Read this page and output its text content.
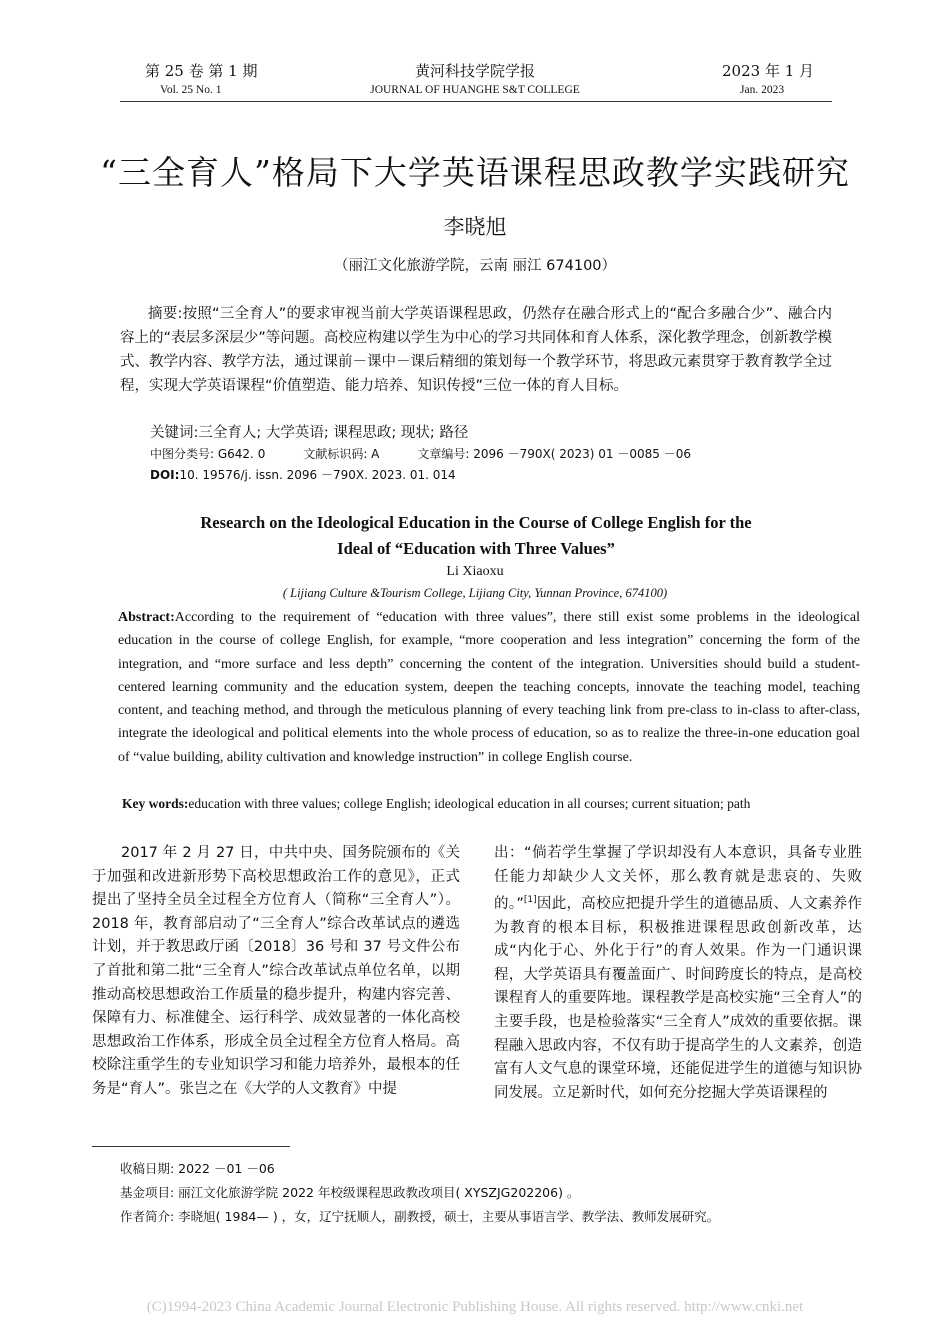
第 25 卷 第 1 期
Vol. 25 No. 1
黄河科技学院学报
JOURNAL OF HUANGHE S&T COLLEGE
2023 年 1 月
Jan. 2023
“三全育人”格局下大学英语课程思政教学实践研究
李晓旭
（丽江文化旅游学院，云南 丽江 674100）
摘要:按照“三全育人”的要求审视当前大学英语课程思政，仍然存在融合形式上的“配合多融合少”、融合内容上的“表层多深层少”等问题。高校应构建以学生为中心的学习共同体和育人体系，深化教学理念，创新教学模式、教学内容、教学方法，通过课前－课中－课后精细的策划每一个教学环节，将思政元素贯穿于教育教学全过程，实现大学英语课程“价值塑造、能力培养、知识传授”三位一体的育人目标。
关键词:三全育人; 大学英语; 课程思政; 现状; 路径
中图分类号: G642. 0	文献标识码: A	文章编号: 2096 －790X( 2023) 01 －0085 －06
DOI:10. 19576/j. issn. 2096 －790X. 2023. 01. 014
Research on the Ideological Education in the Course of College English for the
Ideal of “Education with Three Values”
Li Xiaoxu
( Lijiang Culture &Tourism College, Lijiang City, Yunnan Province, 674100)
Abstract:According to the requirement of “education with three values”, there still exist some problems in the ideological education in the course of college English, for example, “more cooperation and less integration” concerning the form of the integration, and “more surface and less depth” concerning the content of the integration. Universities should build a student-centered learning community and the education system, deepen the teaching concepts, innovate the teaching model, teaching content, and teaching method, and through the meticulous planning of every teaching link from pre-class to in-class to after-class, integrate the ideological and political elements into the whole process of education, so as to realize the three-in-one education goal of “value building, ability cultivation and knowledge instruction” in college English course.
Key words:education with three values; college English; ideological education in all courses; current situation; path
2017 年 2 月 27 日，中共中央、国务院颁布的《关于加强和改进新形势下高校思想政治工作的意见》，正式提出了坚持全员全过程全方位育人（简称“三全育人”）。2018 年，教育部启动了“三全育人”综合改革试点的遴选计划，并于教思政厅函〔2018〕36 号和 37 号文件公布了首批和第二批“三全育人”综合改革试点单位名单，以期推动高校思想政治工作质量的稳步提升，构建内容完善、保障有力、标准健全、运行科学、成效显著的一体化高校思想政治工作体系，形成全员全过程全方位育人格局。高校除注重学生的专业知识学习和能力培养外，最根本的任务是“育人”。张岂之在《大学的人文教育》中提
出：“倘若学生掌握了学识却没有人本意识，具备专业胜任能力却缺少人文关怀，那么教育就是悲哀的、失败的。”[1]因此，高校应把提升学生的道德品质、人文素养作为教育的根本目标，积极推进课程思政创新改革，达成“内化于心、外化于行”的育人效果。作为一门通识课程，大学英语具有覆盖面广、时间跨度长的特点，是高校课程育人的重要阵地。课程教学是高校实施“三全育人”的主要手段，也是检验落实“三全育人”成效的重要依据。课程融入思政内容，不仅有助于提高学生的人文素养，创造富有人文气息的课堂环境，还能促进学生的道德与知识协同发展。立足新时代，如何充分挖掘大学英语课程的
收稿日期: 2022 －01 －06
基金项目: 丽江文化旅游学院 2022 年校级课程思政教改项目( XYSZJG202206) 。
作者简介: 李晓旭( 1984— ) ，女，辽宁抚顺人，副教授，硕士，主要从事语言学、教学法、教师发展研究。
(C)1994-2023 China Academic Journal Electronic Publishing House. All rights reserved. http://www.cnki.net
